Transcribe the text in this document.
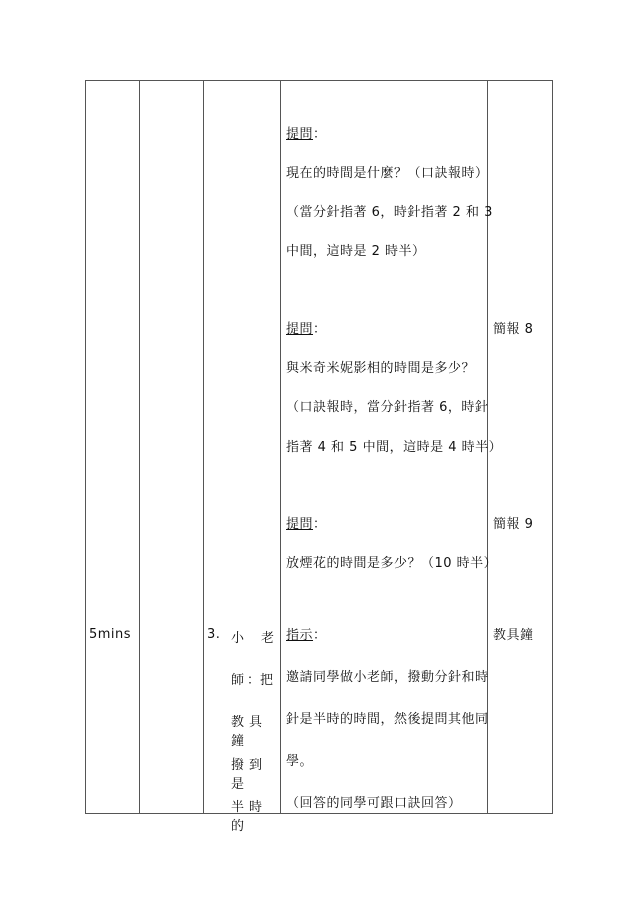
5mins	3. 小 老
師 ：把
教具鐘
撥到是
半時的
提問：
現在的時間是什麼？（口訣報時）
（當分針指著 6，時針指著 2 和 3
中間，這時是 2 時半）
提問：
與米奇米妮影相的時間是多少？
（口訣報時，當分針指著 6，時針
指著 4 和 5 中間，這時是 4 時半）
提問：
放煙花的時間是多少？（10 時半）
指示：
邀請同學做小老師，撥動分針和時
針是半時的時間，然後提問其他同
學。
（回答的同學可跟口訣回答）
簡報 8
簡報 9
教具鐘
